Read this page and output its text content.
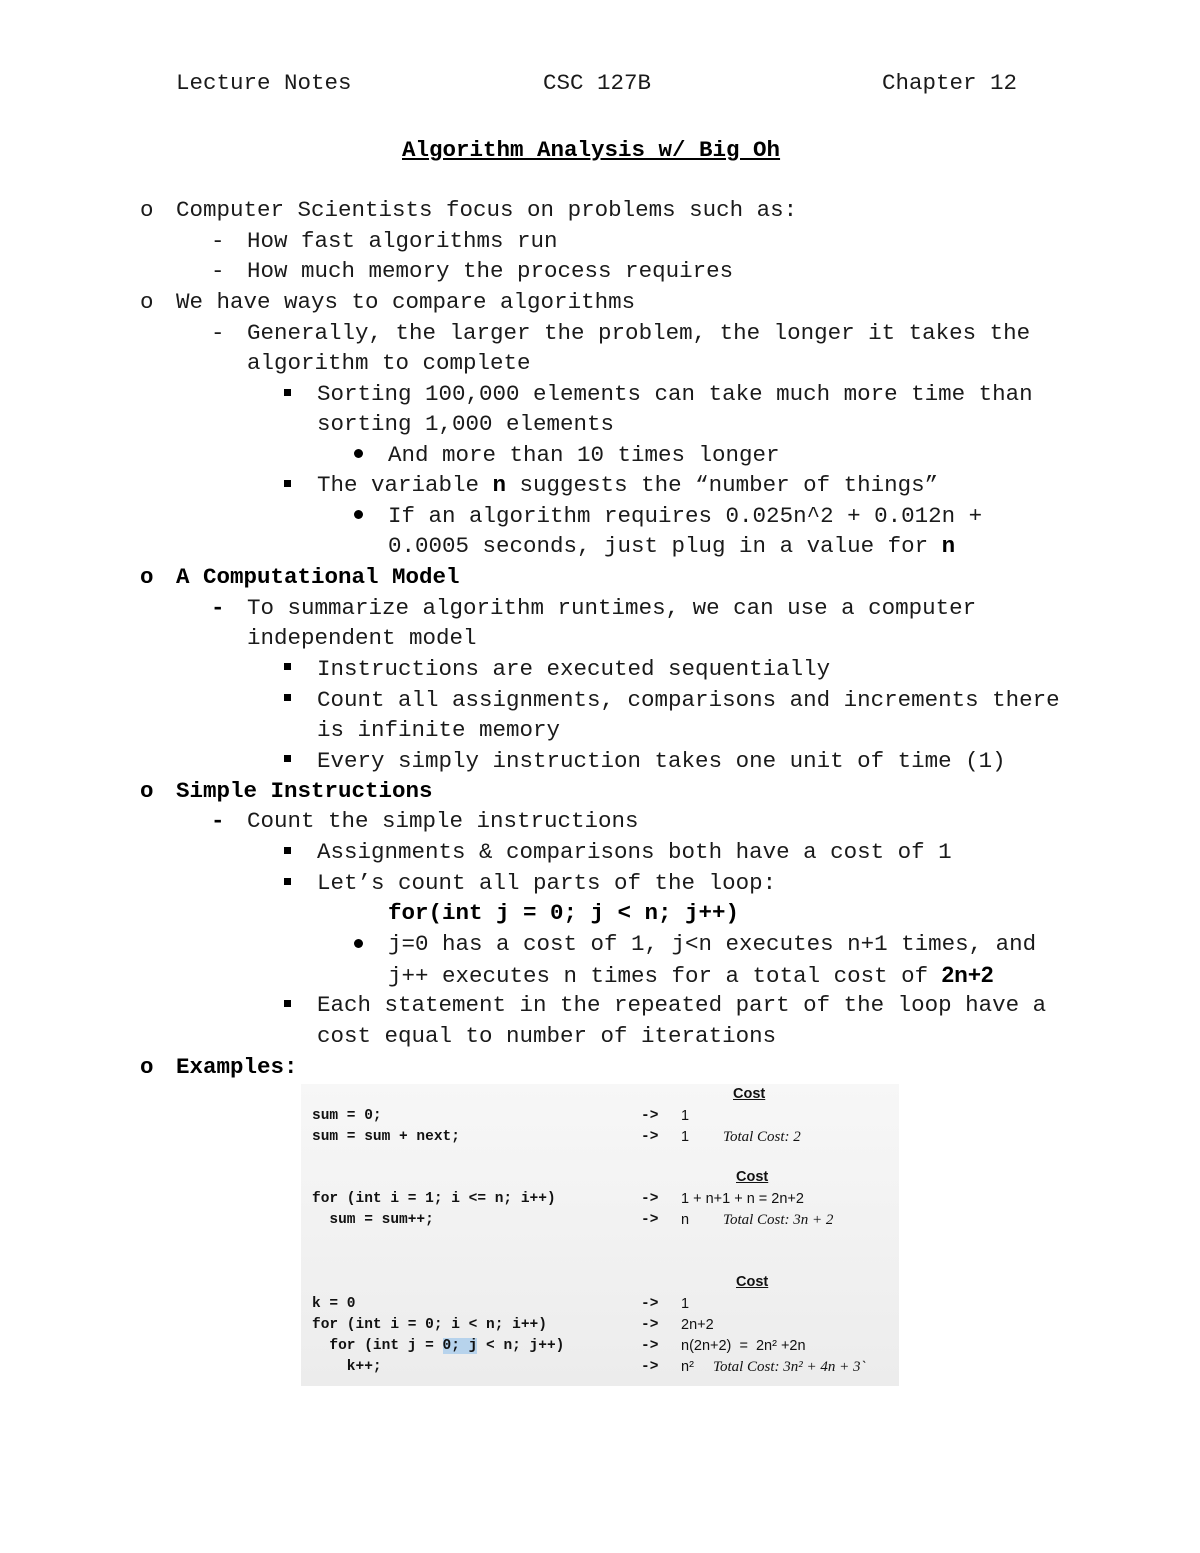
Lecture Notes	CSC 127B	Chapter 12
Algorithm Analysis w/ Big Oh
o Computer Scientists focus on problems such as:
- How fast algorithms run
- How much memory the process requires
o We have ways to compare algorithms
- Generally, the larger the problem, the longer it takes the
algorithm to complete
Sorting 100,000 elements can take much more time than
sorting 1,000 elements
And more than 10 times longer
The variable n suggests the “number of things”
If an algorithm requires 0.025n^2 + 0.012n +
0.0005 seconds, just plug in a value for n
o A Computational Model
- To summarize algorithm runtimes, we can use a computer
independent model
Instructions are executed sequentially
Count all assignments, comparisons and increments there
is infinite memory
Every simply instruction takes one unit of time (1)
o Simple Instructions
- Count the simple instructions
Assignments & comparisons both have a cost of 1
Let’s count all parts of the loop:
for(int j = 0; j < n; j++)
j=0 has a cost of 1, j<n executes n+1 times, and
j++ executes n times for a total cost of 2n+2
Each statement in the repeated part of the loop have a
cost equal to number of iterations
o Examples:
Cost
sum = 0;
sum = sum + next;
->
->
1
1 Total Cost: 2
Cost
for (int i = 1; i <= n; i++)
sum = sum++;
->
->
1 + n+1 + n = 2n+2
n Total Cost: 3n + 2
Cost
k = 0
for (int i = 0; i < n; i++)
for (int j = 0; j < n; j++)
k++;
->
->
->
->
1
2n+2
n(2n+2)  =  2n² +2n
n² Total Cost: 3n² + 4n + 3`
